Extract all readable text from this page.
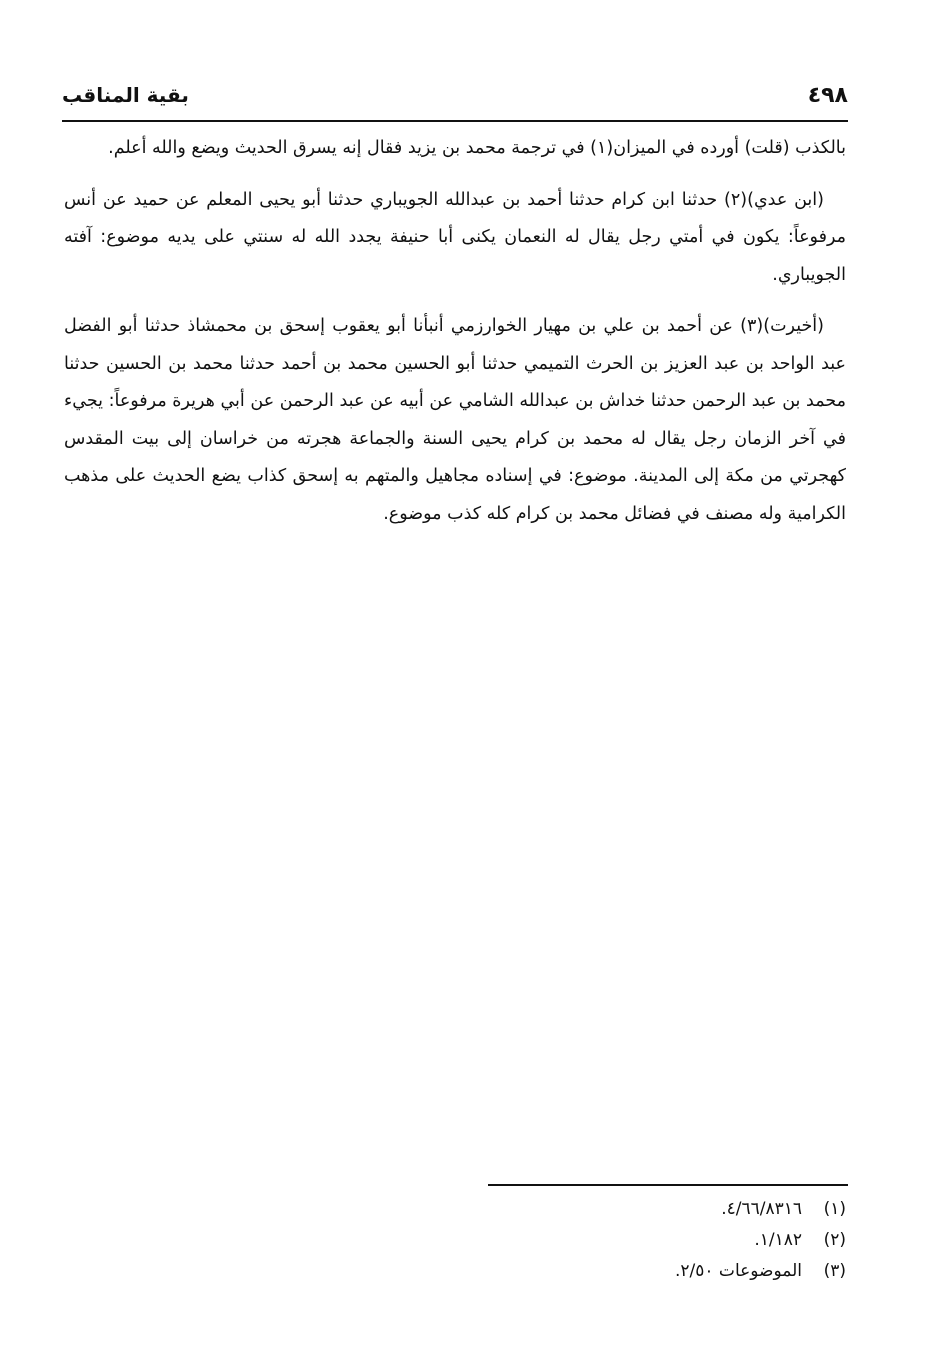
٤٩٨
بقية المناقب

بالكذب (قلت) أورده في الميزان(١) في ترجمة محمد بن يزيد فقال إنه يسرق الحديث ويضع والله أعلم.

(ابن عدي)(٢) حدثنا ابن كرام حدثنا أحمد بن عبدالله الجويباري حدثنا أبو يحيى المعلم عن حميد عن أنس مرفوعاً: يكون في أمتي رجل يقال له النعمان يكنى أبا حنيفة يجدد الله له سنتي على يديه موضوع: آفته الجويباري.

(أخيرت)(٣) عن أحمد بن علي بن مهيار الخوارزمي أنبأنا أبو يعقوب إسحق بن محمشاذ حدثنا أبو الفضل عبد الواحد بن عبد العزيز بن الحرث التميمي حدثنا أبو الحسين محمد بن أحمد حدثنا محمد بن الحسين حدثنا محمد بن عبد الرحمن حدثنا خداش بن عبدالله الشامي عن أبيه عن عبد الرحمن عن أبي هريرة مرفوعاً: يجيء في آخر الزمان رجل يقال له محمد بن كرام يحيى السنة والجماعة هجرته من خراسان إلى بيت المقدس كهجرتي من مكة إلى المدينة. موضوع: في إسناده مجاهيل والمتهم به إسحق كذاب يضع الحديث على مذهب الكرامية وله مصنف في فضائل محمد بن كرام كله كذب موضوع.

(١)
٤/٦٦/٨٣١٦.
(٢)
١/١٨٢.
(٣)
الموضوعات ٢/٥٠.
